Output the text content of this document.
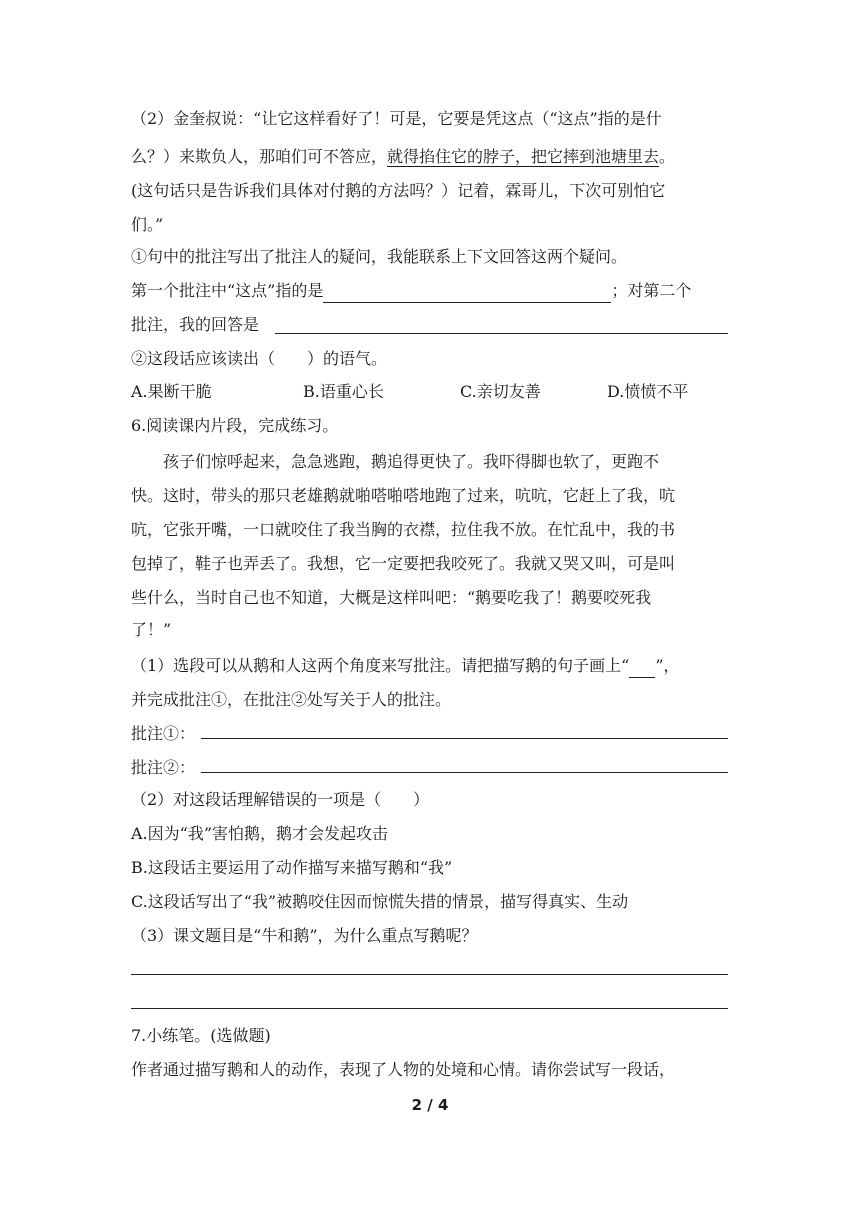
（2）金奎叔说：“让它这样看好了！可是，它要是凭这点（“这点”指的是什
么？）来欺负人，那咱们可不答应，就得掐住它的脖子，把它摔到池塘里去。
(这句话只是告诉我们具体对付鹅的方法吗？）记着，霖哥儿，下次可别怕它
们。”
①句中的批注写出了批注人的疑问，我能联系上下文回答这两个疑问。
第一个批注中“这点”指的是	；对第二个
批注，我的回答是
②这段话应该读出（　　）的语气。
A.果断干脆	B.语重心长	C.亲切友善	D.愤愤不平
6.阅读课内片段，完成练习。
孩子们惊呼起来，急急逃跑，鹅追得更快了。我吓得脚也软了，更跑不
快。这时，带头的那只老雄鹅就啪嗒啪嗒地跑了过来，吭吭，它赶上了我，吭
吭，它张开嘴，一口就咬住了我当胸的衣襟，拉住我不放。在忙乱中，我的书
包掉了，鞋子也弄丢了。我想，它一定要把我咬死了。我就又哭又叫，可是叫
些什么，当时自己也不知道，大概是这样叫吧：“鹅要吃我了！鹅要咬死我
了！”
（1）选段可以从鹅和人这两个角度来写批注。请把描写鹅的句子画上“ ”，
并完成批注①，在批注②处写关于人的批注。
批注①：
批注②：
（2）对这段话理解错误的一项是（　　）
A.因为“我”害怕鹅，鹅才会发起攻击
B.这段话主要运用了动作描写来描写鹅和“我”
C.这段话写出了“我”被鹅咬住因而惊慌失措的情景，描写得真实、生动
（3）课文题目是“牛和鹅”，为什么重点写鹅呢？
7.小练笔。(选做题)
作者通过描写鹅和人的动作，表现了人物的处境和心情。请你尝试写一段话，
2 / 4
